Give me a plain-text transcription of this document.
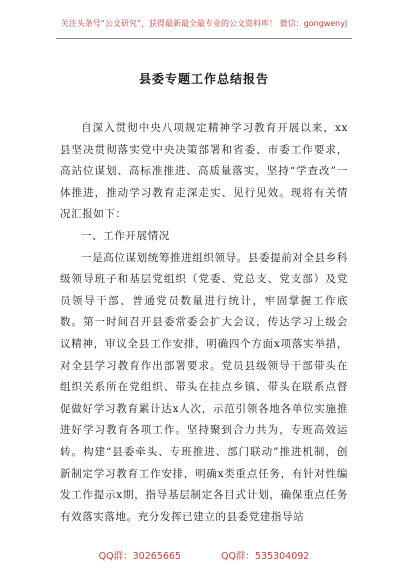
关注头条号“公文研究”，获得最新最全最专业的公文资料库！ 微信：gongwenyj
县委专题工作总结报告

自深入贯彻中央八项规定精神学习教育开展以来，xx县坚决贯彻落实党中央决策部署和省委、市委工作要求，高站位谋划、高标准推进、高质量落实，坚持“学查改”一体推进，推动学习教育走深走实、见行见效。现将有关情况汇报如下：

一、工作开展情况

一是高位谋划统筹推进组织领导。县委提前对全县乡科级领导班子和基层党组织（党委、党总支、党支部）及党员领导干部、普通党员数量进行统计，牢固掌握工作底数。第一时间召开县委常委会扩大会议，传达学习上级会议精神，审议全县工作安排，明确四个方面x项落实举措，对全县学习教育作出部署要求。党员县级领导干部带头在组织关系所在党组织、带头在挂点乡镇、带头在联系点督促做好学习教育累计达x人次，示范引领各地各单位实施推进好学习教育各项工作。坚持聚到合力共为，专班高效运转。构建“县委牵头、专班推进、部门联动”推进机制，创新制定学习教育工作安排，明确x类重点任务，有针对性编发工作提示x期，指导基层制定各目式计划，确保重点任务有效落实落地。充分发挥已建立的县委党建指导站

QQ群：30265665	QQ群：535304092
